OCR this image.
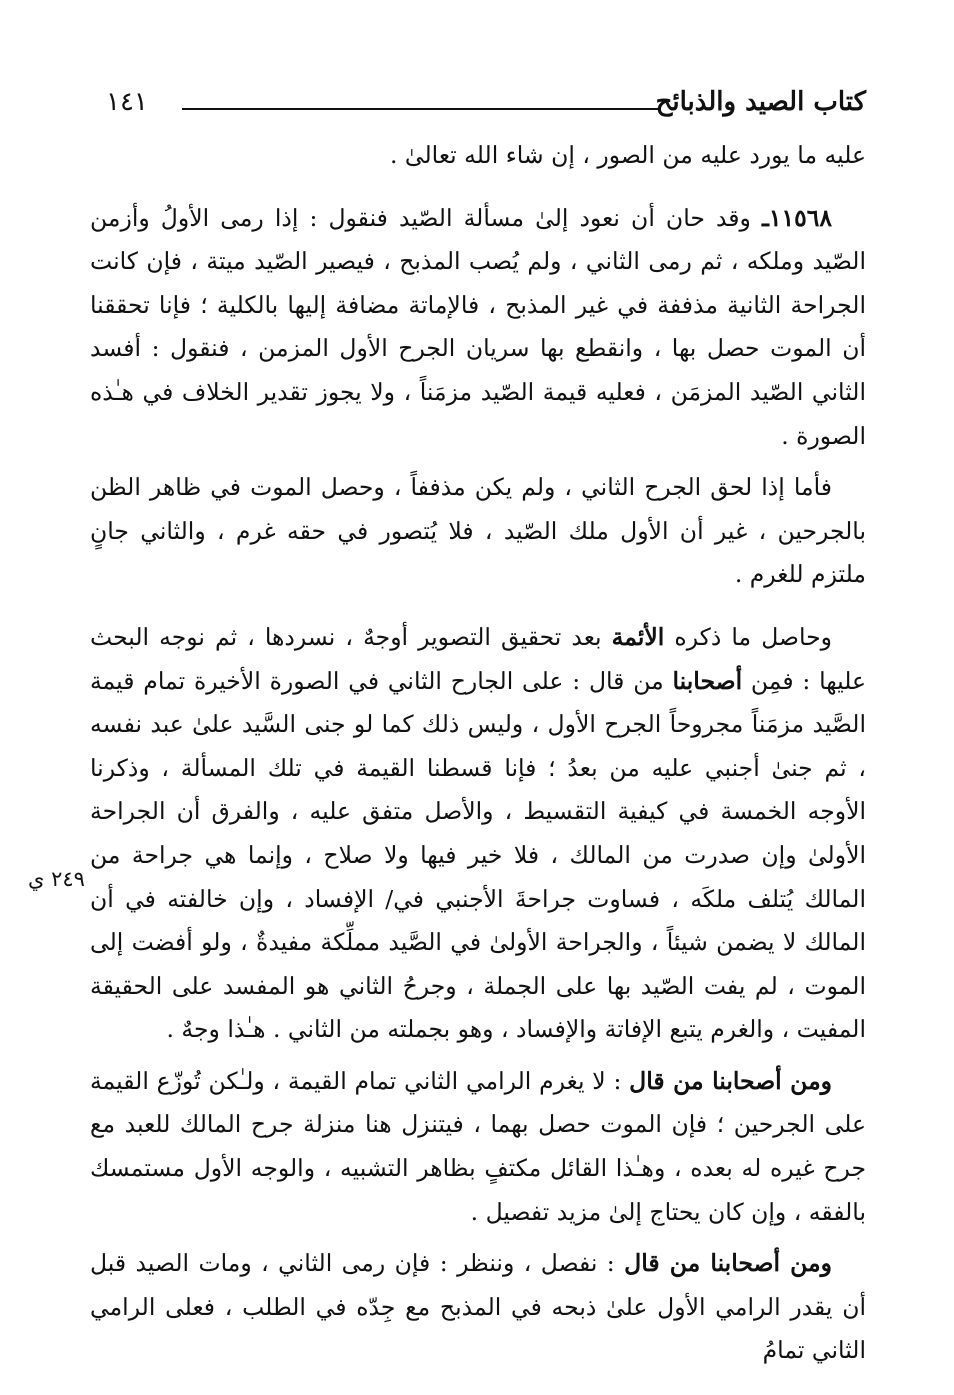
كتاب الصيد والذبائح
١٤١

عليه ما يورد عليه من الصور ، إن شاء الله تعالىٰ .

١١٥٦٨ـ وقد حان أن نعود إلىٰ مسألة الصّيد فنقول : إذا رمى الأولُ وأزمن الصّيد وملكه ، ثم رمى الثاني ، ولم يُصب المذبح ، فيصير الصّيد ميتة ، فإن كانت الجراحة الثانية مذففة في غير المذبح ، فالإماتة مضافة إليها بالكلية ؛ فإنا تحققنا أن الموت حصل بها ، وانقطع بها سريان الجرح الأول المزمن ، فنقول : أفسد الثاني الصّيد المزمَن ، فعليه قيمة الصّيد مزمَناً ، ولا يجوز تقدير الخلاف في هـٰذه الصورة .

فأما إذا لحق الجرح الثاني ، ولم يكن مذففاً ، وحصل الموت في ظاهر الظن بالجرحين ، غير أن الأول ملك الصّيد ، فلا يُتصور في حقه غرم ، والثاني جانٍ ملتزم للغرم .

وحاصل ما ذكره الأئمة بعد تحقيق التصوير أوجهٌ ، نسردها ، ثم نوجه البحث عليها : فمِن أصحابنا من قال : على الجارح الثاني في الصورة الأخيرة تمام قيمة الصَّيد مزمَناً مجروحاً الجرح الأول ، وليس ذلك كما لو جنى السَّيد علىٰ عبد نفسه ، ثم جنىٰ أجنبي عليه من بعدُ ؛ فإنا قسطنا القيمة في تلك المسألة ، وذكرنا الأوجه الخمسة في كيفية التقسيط ، والأصل متفق عليه ، والفرق أن الجراحة الأولىٰ وإن صدرت من المالك ، فلا خير فيها ولا صلاح ، وإنما هي جراحة من المالك يُتلف ملكَه ، فساوت جراحةَ الأجنبي في/ الإفساد ، وإن خالفته في أن المالك لا يضمن شيئاً ، والجراحة الأولىٰ في الصَّيد مملِّكة مفيدةٌ ، ولو أفضت إلى الموت ، لم يفت الصّيد بها على الجملة ، وجرحُ الثاني هو المفسد على الحقيقة المفيت ، والغرم يتبع الإفاتة والإفساد ، وهو بجملته من الثاني . هـٰذا وجهٌ .

ومن أصحابنا من قال : لا يغرم الرامي الثاني تمام القيمة ، ولـٰكن تُوزّع القيمة على الجرحين ؛ فإن الموت حصل بهما ، فيتنزل هنا منزلة جرح المالك للعبد مع جرح غيره له بعده ، وهـٰذا القائل مكتفٍ بظاهر التشبيه ، والوجه الأول مستمسك بالفقه ، وإن كان يحتاج إلىٰ مزيد تفصيل .

ومن أصحابنا من قال : نفصل ، وننظر : فإن رمى الثاني ، ومات الصيد قبل أن يقدر الرامي الأول علىٰ ذبحه في المذبح مع جِدّه في الطلب ، فعلى الرامي الثاني تمامُ

٢٤٩ ي
